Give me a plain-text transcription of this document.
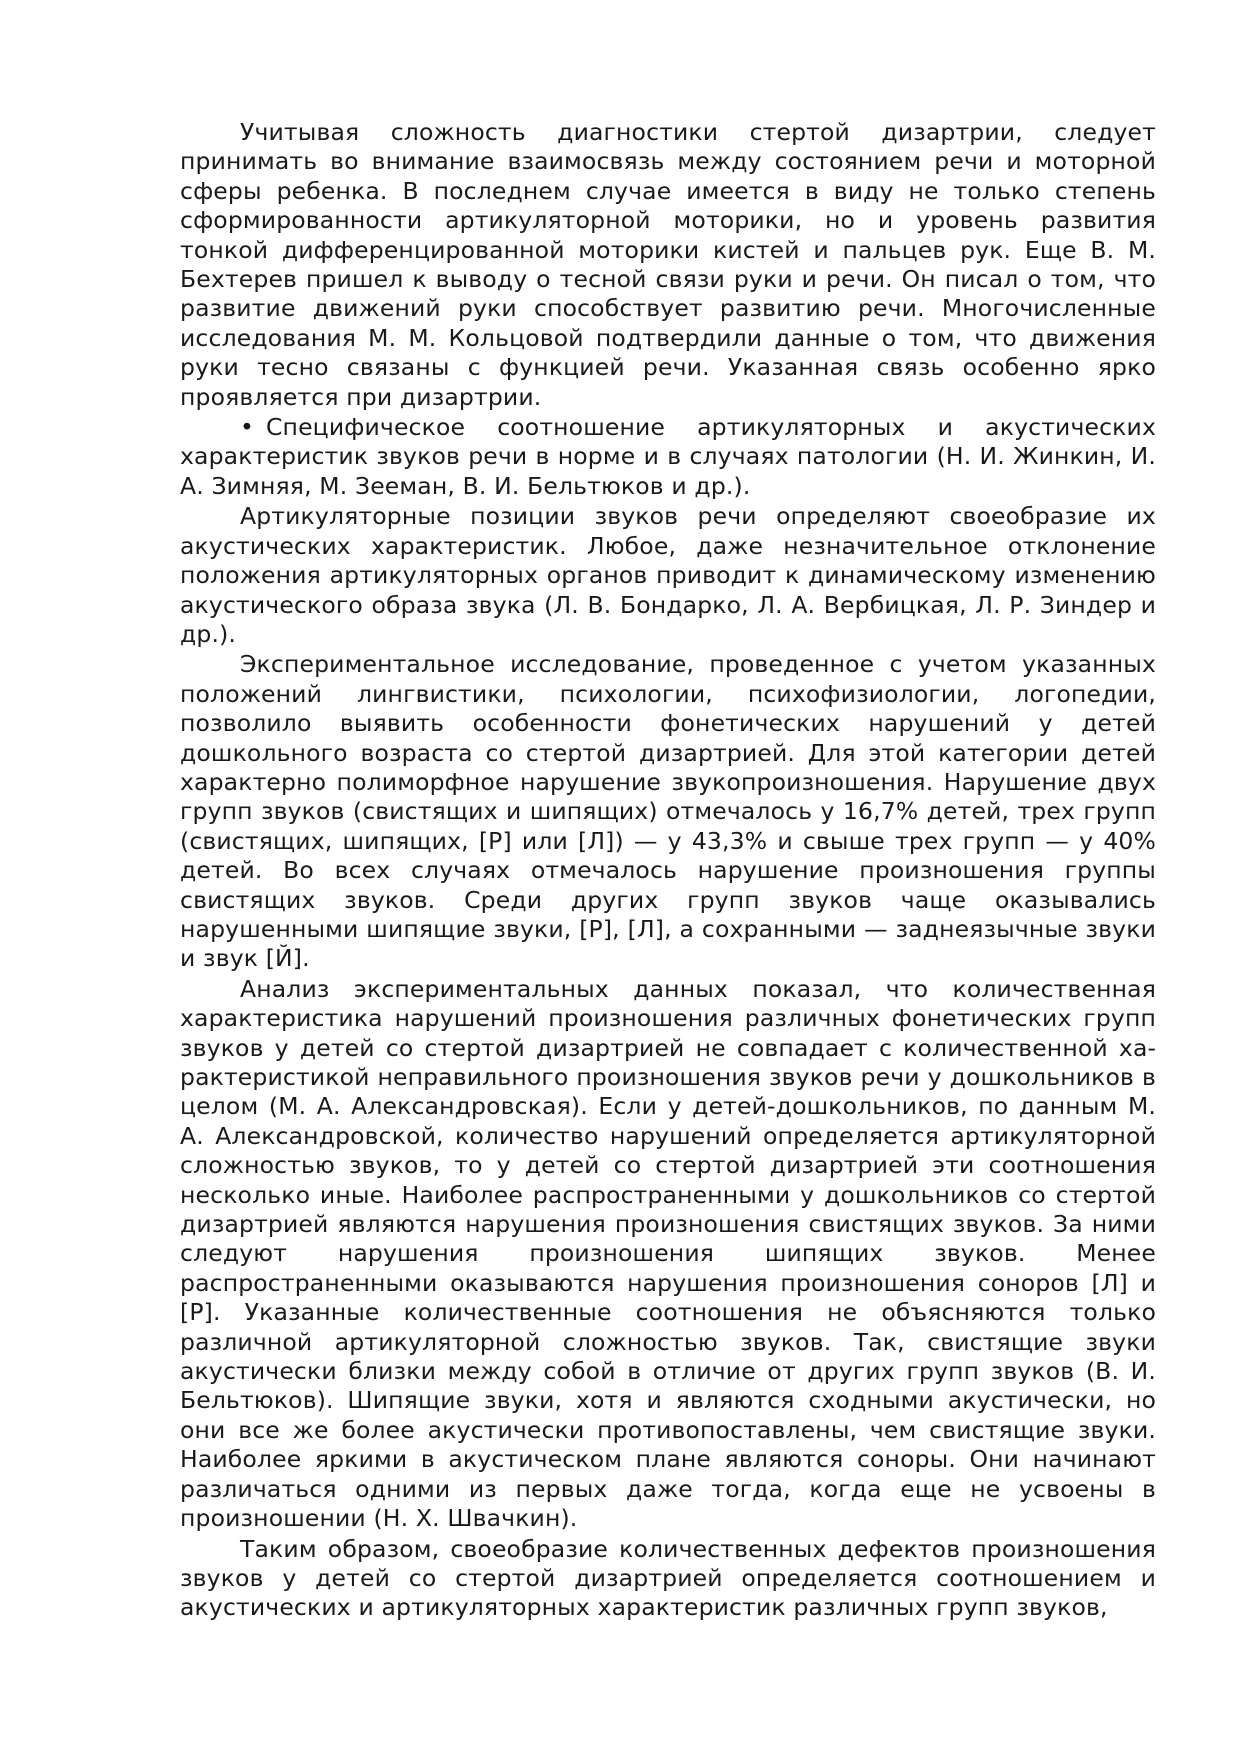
Учитывая сложность диагностики стертой дизартрии, следует принимать во внимание взаимосвязь между состоянием речи и моторной сферы ребенка. В последнем случае имеется в виду не только степень сформированности артикуляторной моторики, но и уровень развития тонкой дифференцированной моторики кистей и пальцев рук. Еще В. М. Бехтерев пришел к выводу о тесной связи руки и речи. Он писал о том, что развитие движений руки способствует развитию речи. Многочисленные исследования М. М. Кольцовой подтвердили данные о том, что движения руки тесно связаны с функцией речи. Указанная связь особенно ярко проявляется при дизартрии.

• Специфическое соотношение артикуляторных и акустических характеристик звуков речи в норме и в случаях патологии (Н. И. Жинкин, И. А. Зимняя, М. Зееман, В. И. Бельтюков и др.).

Артикуляторные позиции звуков речи определяют своеобразие их акустических характеристик. Любое, даже незначительное отклонение положения артикуляторных органов приводит к динамическому изменению акустического образа звука (Л. В. Бондарко, Л. А. Вербицкая, Л. Р. Зиндер и др.).

Экспериментальное исследование, проведенное с учетом указанных положений лингвистики, психологии, психофизиологии, логопедии, позволило выявить особенности фонетических нарушений у детей дошкольного возраста со стертой дизартрией. Для этой категории детей характерно полиморфное нарушение звукопроизношения. Нарушение двух групп звуков (свистящих и шипящих) отмечалось у 16,7% детей, трех групп (свистящих, шипящих, [Р] или [Л]) — у 43,3% и свыше трех групп — у 40% детей. Во всех случаях отмечалось нарушение произношения группы свистящих звуков. Среди других групп звуков чаще оказывались нарушенными шипящие звуки, [Р], [Л], а сохранными — заднеязычные звуки и звук [Й].

Анализ экспериментальных данных показал, что количественная характеристика нарушений произношения различных фонетических групп звуков у детей со стертой дизартрией не совпадает с количественной характеристикой неправильного произношения звуков речи у дошкольников в целом (М. А. Александровская). Если у детей-дошкольников, по данным М. А. Александровской, количество нарушений определяется артикуляторной сложностью звуков, то у детей со стертой дизартрией эти соотношения несколько иные. Наиболее распространенными у дошкольников со стертой дизартрией являются нарушения произношения свистящих звуков. За ними следуют нарушения произношения шипящих звуков. Менее распространенными оказываются нарушения произношения соноров [Л] и [Р]. Указанные количественные соотношения не объясняются только различной артикуляторной сложностью звуков. Так, свистящие звуки акустически близки между собой в отличие от других групп звуков (В. И. Бельтюков). Шипящие звуки, хотя и являются сходными акустически, но они все же более акустически противопоставлены, чем свистящие звуки. Наиболее яркими в акустическом плане являются соноры. Они начинают различаться одними из первых даже тогда, когда еще не усвоены в произношении (Н. Х. Швачкин).

Таким образом, своеобразие количественных дефектов произношения звуков у детей со стертой дизартрией определяется соотношением и акустических и артикуляторных характеристик различных групп звуков,
